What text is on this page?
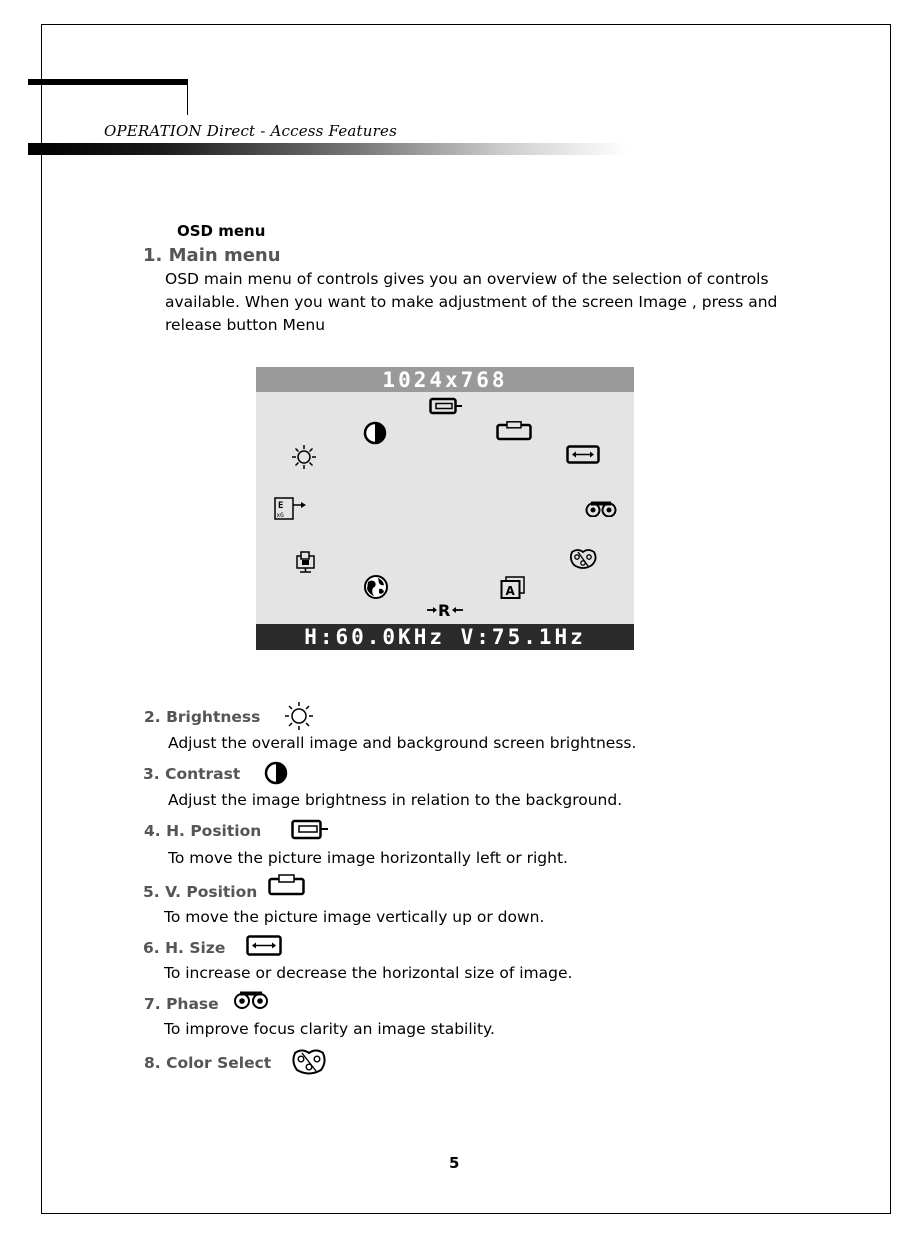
OPERATION Direct - Access Features
OSD menu
1. Main menu
OSD main menu of controls gives you an overview of the selection of controls available. When you want to make adjustment of the screen Image , press and release button Menu
1024x768
E
xG
A
R
H:60.0KHz V:75.1Hz
2. Brightness
Adjust the overall image and background screen brightness.
3. Contrast
Adjust the image brightness in relation to the background.
4. H. Position
To move the picture image horizontally left or right.
5. V. Position
To move the picture image vertically up or down.
6. H. Size
To increase or decrease the horizontal size of image.
7. Phase
To improve focus clarity an image stability.
8. Color Select
5
